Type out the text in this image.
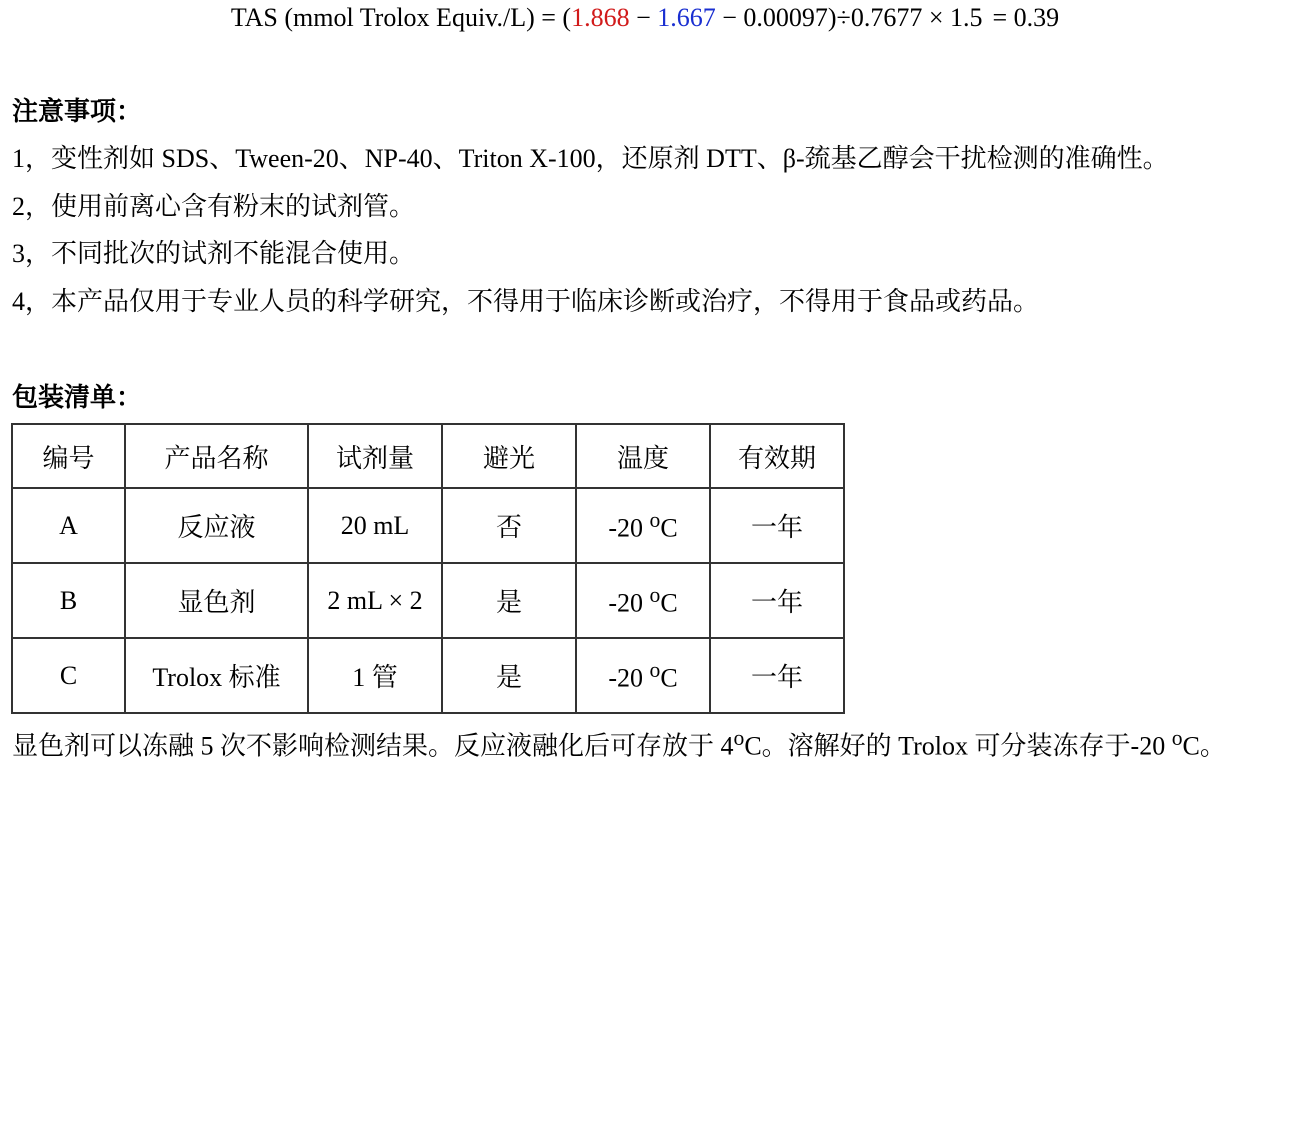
TAS (mmol Trolox Equiv./L) = (1.868 − 1.667 − 0.00097)÷0.7677 × 1.5 = 0.39
注意事项：
1，变性剂如 SDS、Tween-20、NP-40、Triton X-100，还原剂 DTT、β-巯基乙醇会干扰检测的准确性。
2，使用前离心含有粉末的试剂管。
3，不同批次的试剂不能混合使用。
4，本产品仅用于专业人员的科学研究，不得用于临床诊断或治疗，不得用于食品或药品。
包装清单：
编号	产品名称	试剂量	避光	温度	有效期
A	反应液	20 mL	否	-20 $^o$C	一年
B	显色剂	2 mL × 2	是	-20 $^o$C	一年
C	Trolox 标准	1 管	是	-20 $^o$C	一年
显色剂可以冻融 5 次不影响检测结果。反应液融化后可存放于 4$^o$C。溶解好的 Trolox 可分装冻存于-20 $^o$C。
